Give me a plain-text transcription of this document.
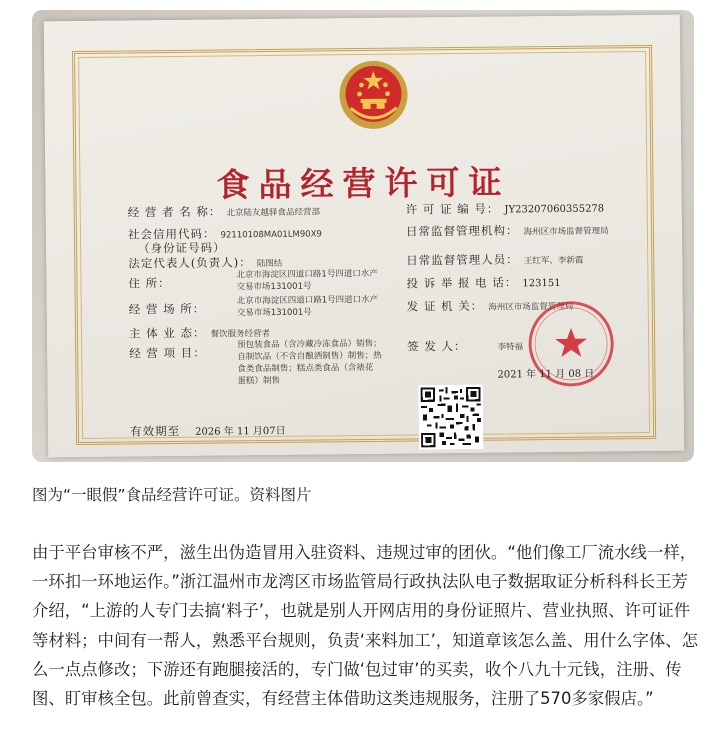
食品经营许可证
经 营 者 名 称： 北京陆友越驿食品经营部
社会信用代码： 92110108MA01LM90X9
（身份证号码）
法定代表人(负责人)： 陆图结
住 所：
北京市海淀区四道口路1号四道口水产
交易市场131001号
经 营 场 所：
北京市海淀区四道口路1号四道口水产
交易市场131001号
主 体 业 态： 餐饮服务经营者
经 营 项 目：
预包装食品（含冷藏冷冻食品）销售；
自制饮品（不含自酿酒制售）制售；热
食类食品制售；糕点类食品（含裱花
蛋糕）制售
有效期至 2026 年 11 月07日
许 可 证 编 号： JY23207060355278
日常监督管理机构： 海州区市场监督管理局
日常监督管理人员： 王红军、李新霞
投 诉 举 报 电 话： 123151
发 证 机 关： 海州区市场监督管理局
签 发 人：	李特福
2021 年 11 月 08 日
图为“一眼假”食品经营许可证。资料图片

由于平台审核不严，滋生出伪造冒用入驻资料、违规过审的团伙。“他们像工厂流水线一样，一环扣一环地运作。”浙江温州市龙湾区市场监管局行政执法队电子数据取证分析科科长王芳介绍，“上游的人专门去搞‘料子’，也就是别人开网店用的身份证照片、营业执照、许可证件等材料；中间有一帮人，熟悉平台规则，负责‘来料加工’，知道章该怎么盖、用什么字体、怎么一点点修改；下游还有跑腿接活的，专门做‘包过审’的买卖，收个八九十元钱，注册、传图、盯审核全包。此前曾查实，有经营主体借助这类违规服务，注册了570多家假店。”
